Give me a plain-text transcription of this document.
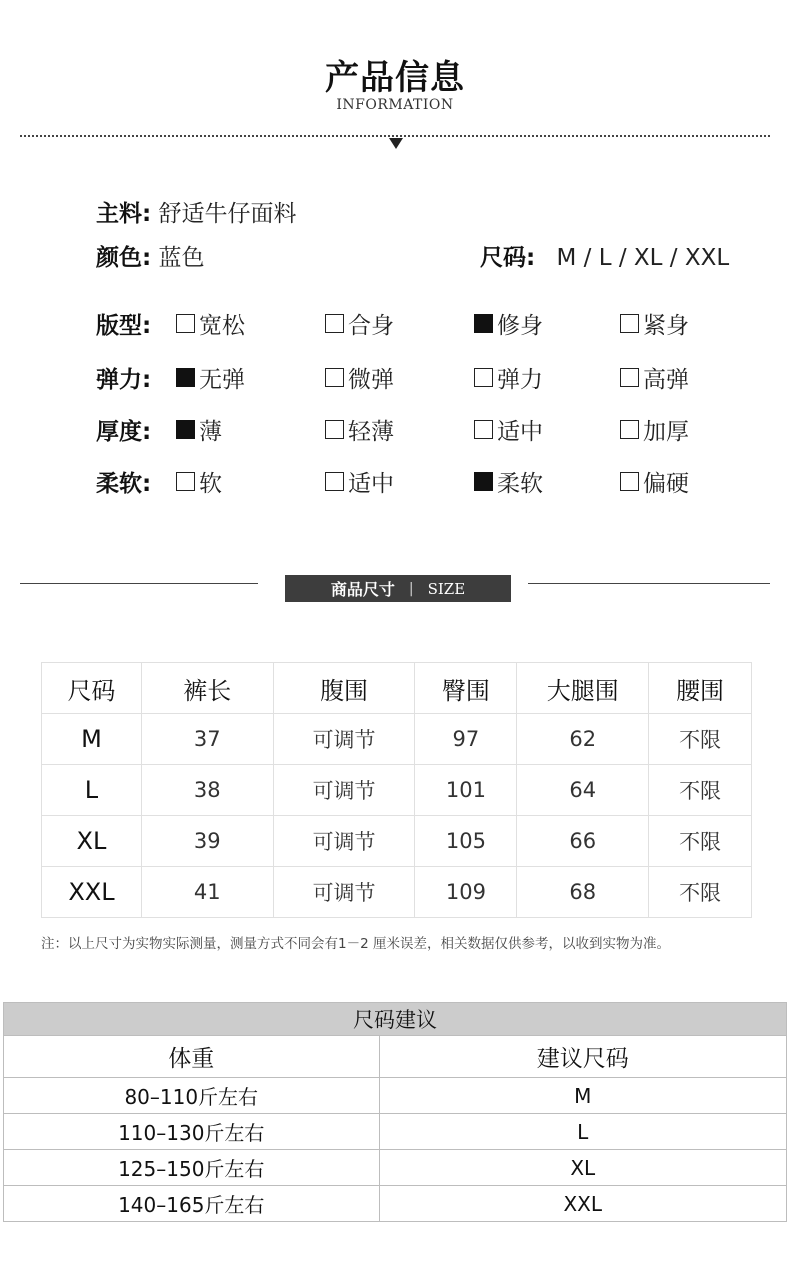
产品信息
INFORMATION
主料: 舒适牛仔面料
颜色: 蓝色	尺码: M / L / XL / XXL
版型: 宽松	合身	修身	紧身
弹力: 无弹	微弹	弹力	高弹
厚度: 薄	轻薄	适中	加厚
柔软: 软	适中	柔软	偏硬
商品尺寸 | SIZE
尺码	裤长	腹围	臀围	大腿围	腰围
M	37	可调节	97	62	不限
L	38	可调节	101	64	不限
XL	39	可调节	105	66	不限
XXL	41	可调节	109	68	不限
注：以上尺寸为实物实际测量，测量方式不同会有1－2 厘米误差，相关数据仅供参考，以收到实物为准。
尺码建议	
体重	建议尺码
80–110斤左右	M
110–130斤左右	L
125–150斤左右	XL
140–165斤左右	XXL
